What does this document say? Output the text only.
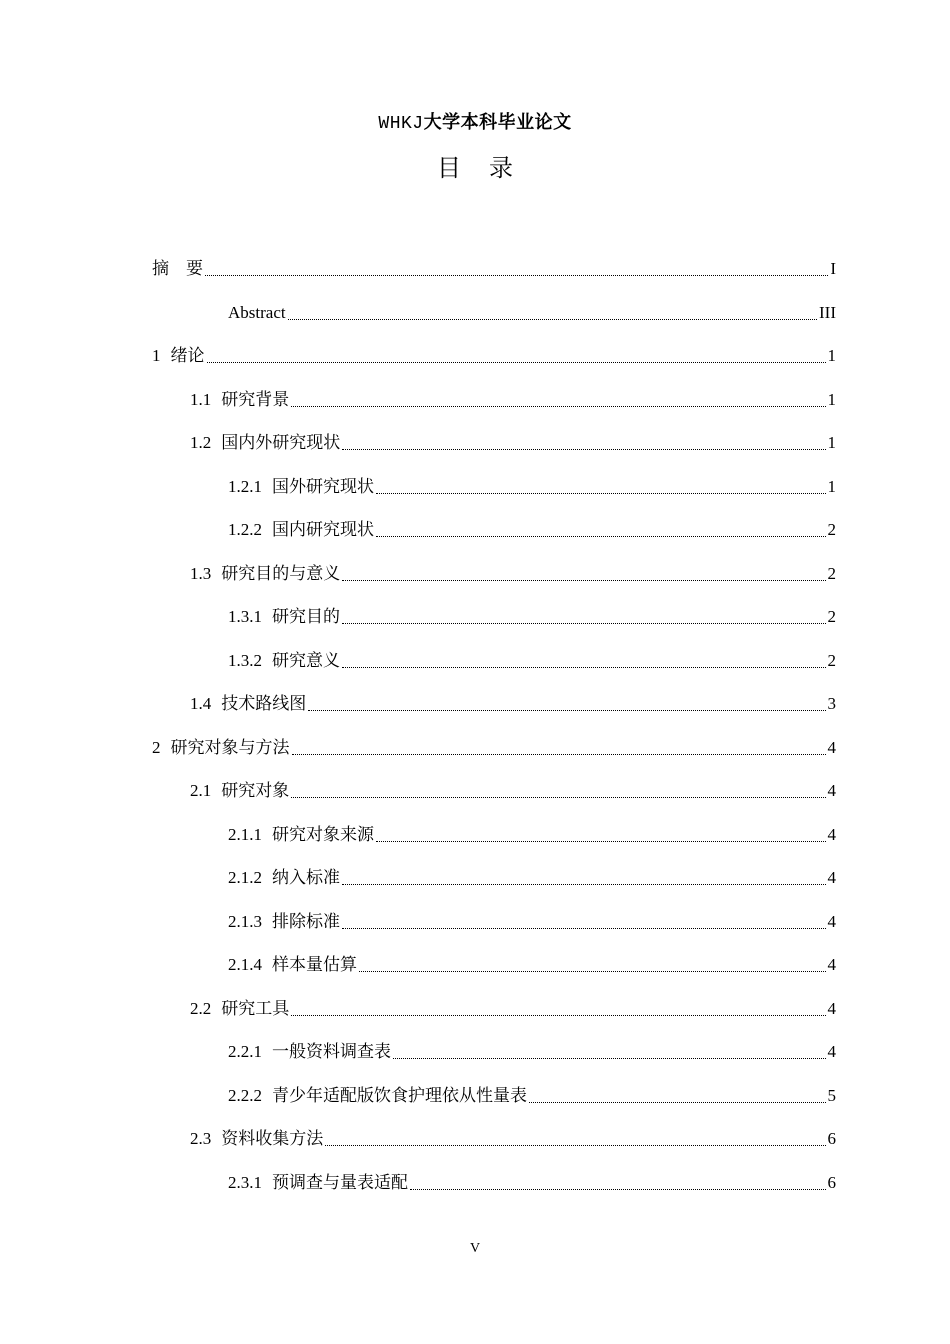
WHKJ大学本科毕业论文
目录
摘　要	I
Abstract	III
1 绪论	1
1.1 研究背景	1
1.2 国内外研究现状	1
1.2.1 国外研究现状	1
1.2.2 国内研究现状	2
1.3 研究目的与意义	2
1.3.1 研究目的	2
1.3.2 研究意义	2
1.4 技术路线图	3
2 研究对象与方法	4
2.1 研究对象	4
2.1.1 研究对象来源	4
2.1.2 纳入标准	4
2.1.3 排除标准	4
2.1.4 样本量估算	4
2.2 研究工具	4
2.2.1 一般资料调查表	4
2.2.2 青少年适配版饮食护理依从性量表	5
2.3 资料收集方法	6
2.3.1 预调查与量表适配	6
V
